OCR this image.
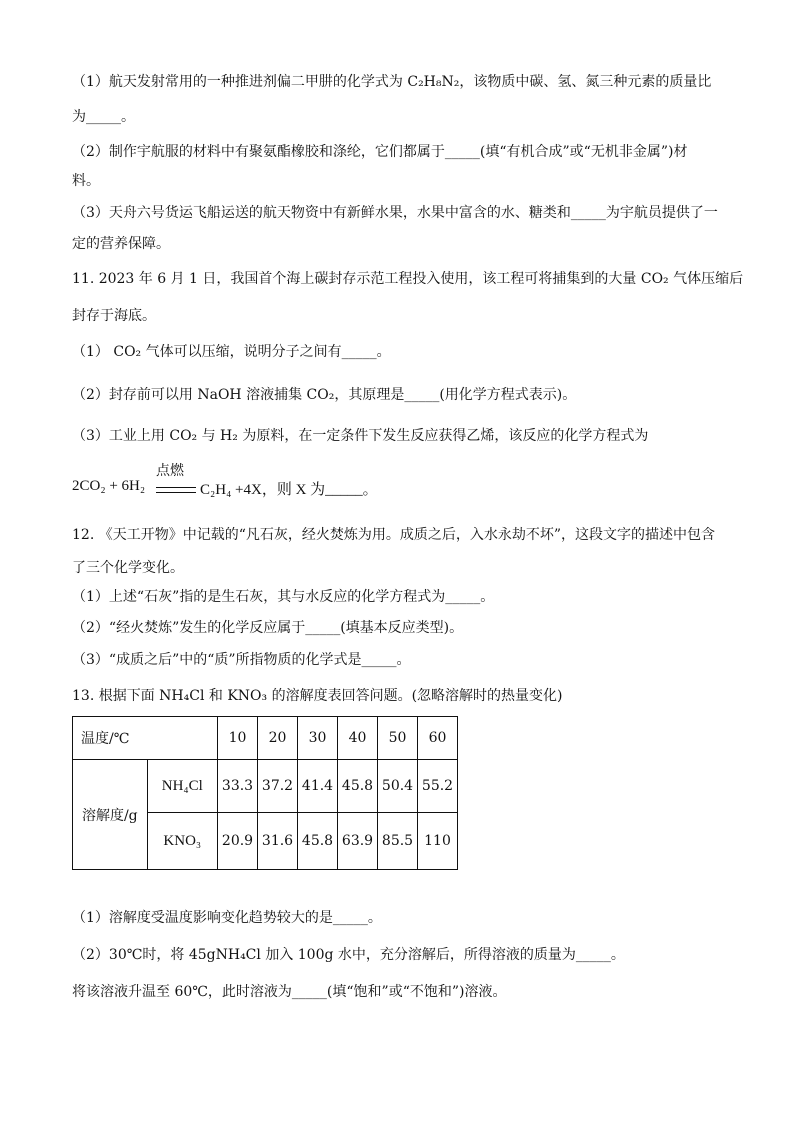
（1）航天发射常用的一种推进剂偏二甲肼的化学式为 C₂H₈N₂，该物质中碳、氢、氮三种元素的质量比
为_____。
（2）制作宇航服的材料中有聚氨酯橡胶和涤纶，它们都属于_____(填“有机合成”或“无机非金属”)材
料。
（3）天舟六号货运飞船运送的航天物资中有新鲜水果，水果中富含的水、糖类和_____为宇航员提供了一
定的营养保障。
11. 2023 年 6 月 1 日，我国首个海上碳封存示范工程投入使用，该工程可将捕集到的大量 CO₂ 气体压缩后
封存于海底。
（1） CO₂ 气体可以压缩，说明分子之间有_____。
（2）封存前可以用 NaOH 溶液捕集 CO₂，其原理是_____(用化学方程式表示)。
（3）工业上用 CO₂ 与 H₂ 为原料，在一定条件下发生反应获得乙烯，该反应的化学方程式为
2CO₂ + 6H₂
点燃
C₂H₄ +4X，则 X 为_____。
12. 《天工开物》中记载的“凡石灰，经火焚炼为用。成质之后，入水永劫不坏”，这段文字的描述中包含
了三个化学变化。
（1）上述“石灰”指的是生石灰，其与水反应的化学方程式为_____。
（2）“经火焚炼”发生的化学反应属于_____(填基本反应类型)。
（3）“成质之后”中的“质”所指物质的化学式是_____。
13. 根据下面 NH₄Cl 和 KNO₃ 的溶解度表回答问题。(忽略溶解时的热量变化)
温度/℃		10	20	30	40	50	60
溶解度/g	NH₄Cl	33.3	37.2	41.4	45.8	50.4	55.2
	KNO₃	20.9	31.6	45.8	63.9	85.5	110
（1）溶解度受温度影响变化趋势较大的是_____。
（2）30℃时，将 45gNH₄Cl 加入 100g 水中，充分溶解后，所得溶液的质量为_____。
将该溶液升温至 60℃，此时溶液为_____(填“饱和”或“不饱和”)溶液。
